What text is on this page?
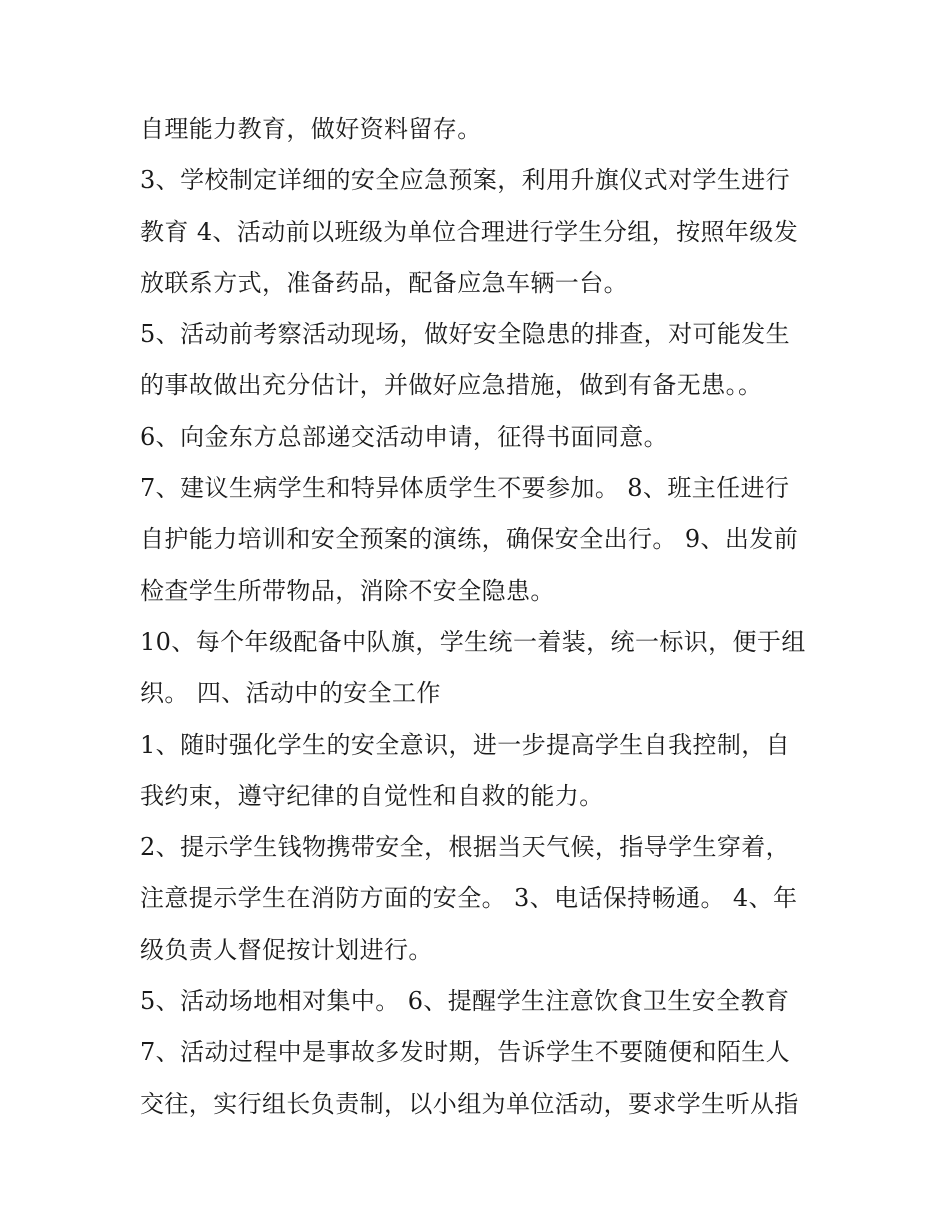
自理能力教育，做好资料留存。
3、学校制定详细的安全应急预案，利用升旗仪式对学生进行
教育 4、活动前以班级为单位合理进行学生分组，按照年级发
放联系方式，准备药品，配备应急车辆一台。
5、活动前考察活动现场，做好安全隐患的排查，对可能发生
的事故做出充分估计，并做好应急措施，做到有备无患。。
6、向金东方总部递交活动申请，征得书面同意。
7、建议生病学生和特异体质学生不要参加。 8、班主任进行
自护能力培训和安全预案的演练，确保安全出行。 9、出发前
检查学生所带物品，消除不安全隐患。
10、每个年级配备中队旗，学生统一着装，统一标识，便于组
织。 四、活动中的安全工作
1、随时强化学生的安全意识，进一步提高学生自我控制，自
我约束，遵守纪律的自觉性和自救的能力。
2、提示学生钱物携带安全，根据当天气候，指导学生穿着，
注意提示学生在消防方面的安全。 3、电话保持畅通。 4、年
级负责人督促按计划进行。
5、活动场地相对集中。 6、提醒学生注意饮食卫生安全教育
7、活动过程中是事故多发时期，告诉学生不要随便和陌生人
交往，实行组长负责制，以小组为单位活动，要求学生听从指
